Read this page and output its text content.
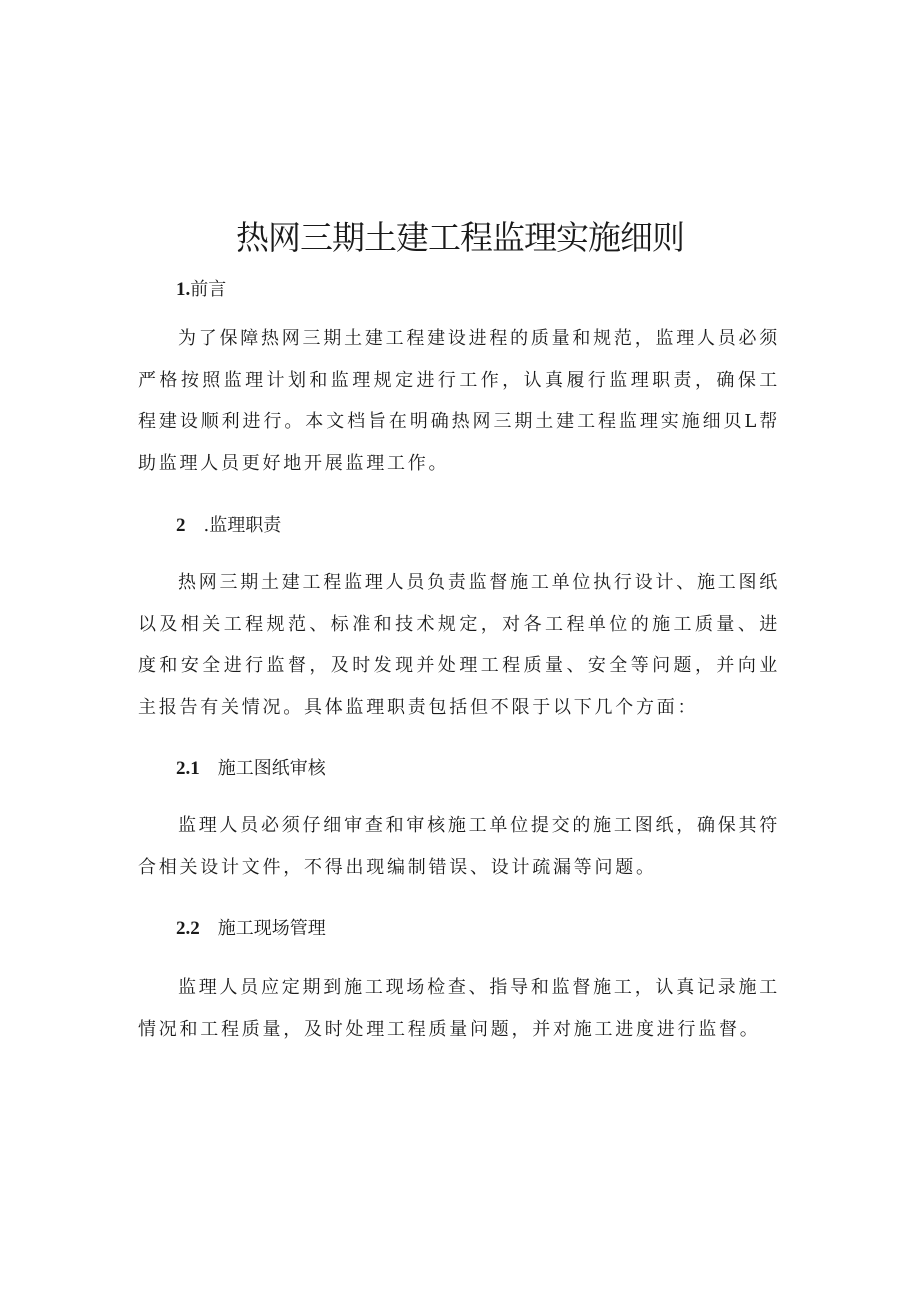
热网三期土建工程监理实施细则
1.前言

为了保障热网三期土建工程建设进程的质量和规范，监理人员必须严格按照监理计划和监理规定进行工作，认真履行监理职责，确保工程建设顺利进行。本文档旨在明确热网三期土建工程监理实施细贝L帮助监理人员更好地开展监理工作。

2 .监理职责

热网三期土建工程监理人员负责监督施工单位执行设计、施工图纸以及相关工程规范、标准和技术规定，对各工程单位的施工质量、进度和安全进行监督，及时发现并处理工程质量、安全等问题，并向业主报告有关情况。具体监理职责包括但不限于以下几个方面：

2.1 施工图纸审核

监理人员必须仔细审查和审核施工单位提交的施工图纸，确保其符合相关设计文件，不得出现编制错误、设计疏漏等问题。

2.2 施工现场管理

监理人员应定期到施工现场检查、指导和监督施工，认真记录施工情况和工程质量，及时处理工程质量问题，并对施工进度进行监督。
